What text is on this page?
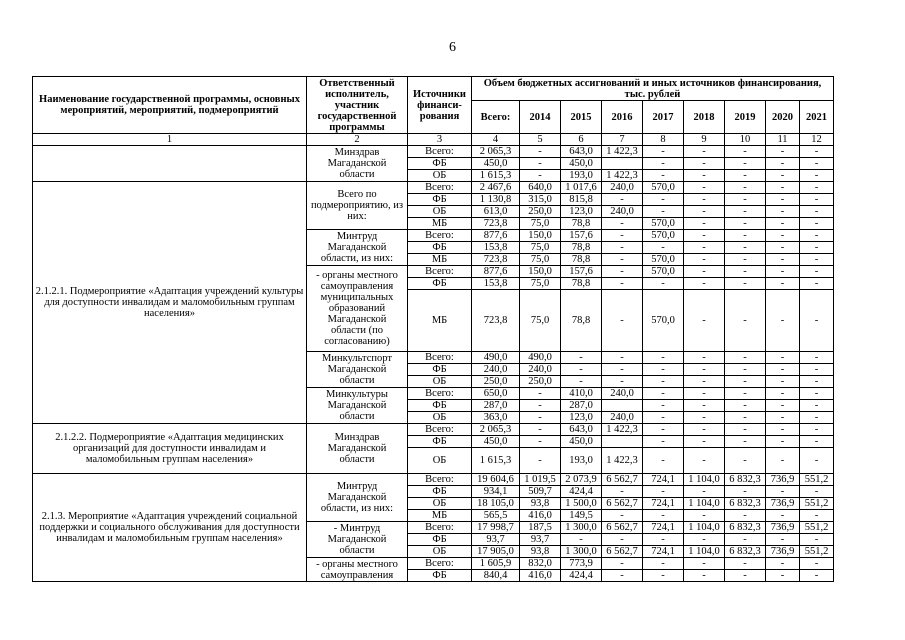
6
Наименование государственной программы, основных мероприятий, мероприятий, подмероприятий	Ответственный исполнитель, участник государственной программы	Источники финанси-рования	Объем бюджетных ассигнований и иных источников финансирования, тыс. рублей								
			Всего:	2014	2015	2016	2017	2018	2019	2020	2021
1	2	3	4	5	6	7	8	9	10	11	12
	Минздрав Магаданской области	Всего:	2 065,3	-	643,0	1 422,3	-	-	-	-	-
		ФБ	450,0	-	450,0		-	-	-	-	-
		ОБ	1 615,3	-	193,0	1 422,3	-	-	-	-	-
2.1.2.1. Подмероприятие «Адаптация учреждений культуры для доступности инвалидам и маломобильным группам населения»	Всего по подмероприятию, из них:	Всего:	2 467,6	640,0	1 017,6	240,0	570,0	-	-	-	-
		ФБ	1 130,8	315,0	815,8	-	-	-	-	-	-
		ОБ	613,0	250,0	123,0	240,0	-	-	-	-	-
		МБ	723,8	75,0	78,8	-	570,0	-	-	-	-
	Минтруд Магаданской области, из них:	Всего:	877,6	150,0	157,6	-	570,0	-	-	-	-
		ФБ	153,8	75,0	78,8	-	-	-	-	-	-
		МБ	723,8	75,0	78,8	-	570,0	-	-	-	-
	- органы местного самоуправления муниципальных образований Магаданской области (по согласованию)	Всего:	877,6	150,0	157,6	-	570,0	-	-	-	-
		ФБ	153,8	75,0	78,8	-	-	-	-	-	-
		МБ	723,8	75,0	78,8	-	570,0	-	-	-	-
	Минкультспорт Магаданской области	Всего:	490,0	490,0	-	-	-	-	-	-	-
		ФБ	240,0	240,0	-	-	-	-	-	-	-
		ОБ	250,0	250,0	-	-	-	-	-	-	-
	Минкультуры Магаданской области	Всего:	650,0	-	410,0	240,0	-	-	-	-	-
		ФБ	287,0	-	287,0		-	-	-	-	-
		ОБ	363,0	-	123,0	240,0	-	-	-	-	-
2.1.2.2. Подмероприятие «Адаптация медицинских организаций для доступности инвалидам и маломобильным группам населения»	Минздрав Магаданской области	Всего:	2 065,3	-	643,0	1 422,3	-	-	-	-	-
		ФБ	450,0	-	450,0		-	-	-	-	-
		ОБ	1 615,3	-	193,0	1 422,3	-	-	-	-	-
2.1.3. Мероприятие «Адаптация учреждений социальной поддержки и социального обслуживания для доступности инвалидам и маломобильным группам населения»	Минтруд Магаданской области, из них:	Всего:	19 604,6	1 019,5	2 073,9	6 562,7	724,1	1 104,0	6 832,3	736,9	551,2
		ФБ	934,1	509,7	424,4	-	-	-	-	-	-
		ОБ	18 105,0	93,8	1 500,0	6 562,7	724,1	1 104,0	6 832,3	736,9	551,2
		МБ	565,5	416,0	149,5	-	-	-	-	-	-
	- Минтруд Магаданской области	Всего:	17 998,7	187,5	1 300,0	6 562,7	724,1	1 104,0	6 832,3	736,9	551,2
		ФБ	93,7	93,7	-	-	-	-	-	-	-
		ОБ	17 905,0	93,8	1 300,0	6 562,7	724,1	1 104,0	6 832,3	736,9	551,2
	- органы местного самоуправления	Всего:	1 605,9	832,0	773,9	-	-	-	-	-	-
		ФБ	840,4	416,0	424,4	-	-	-	-	-	-
